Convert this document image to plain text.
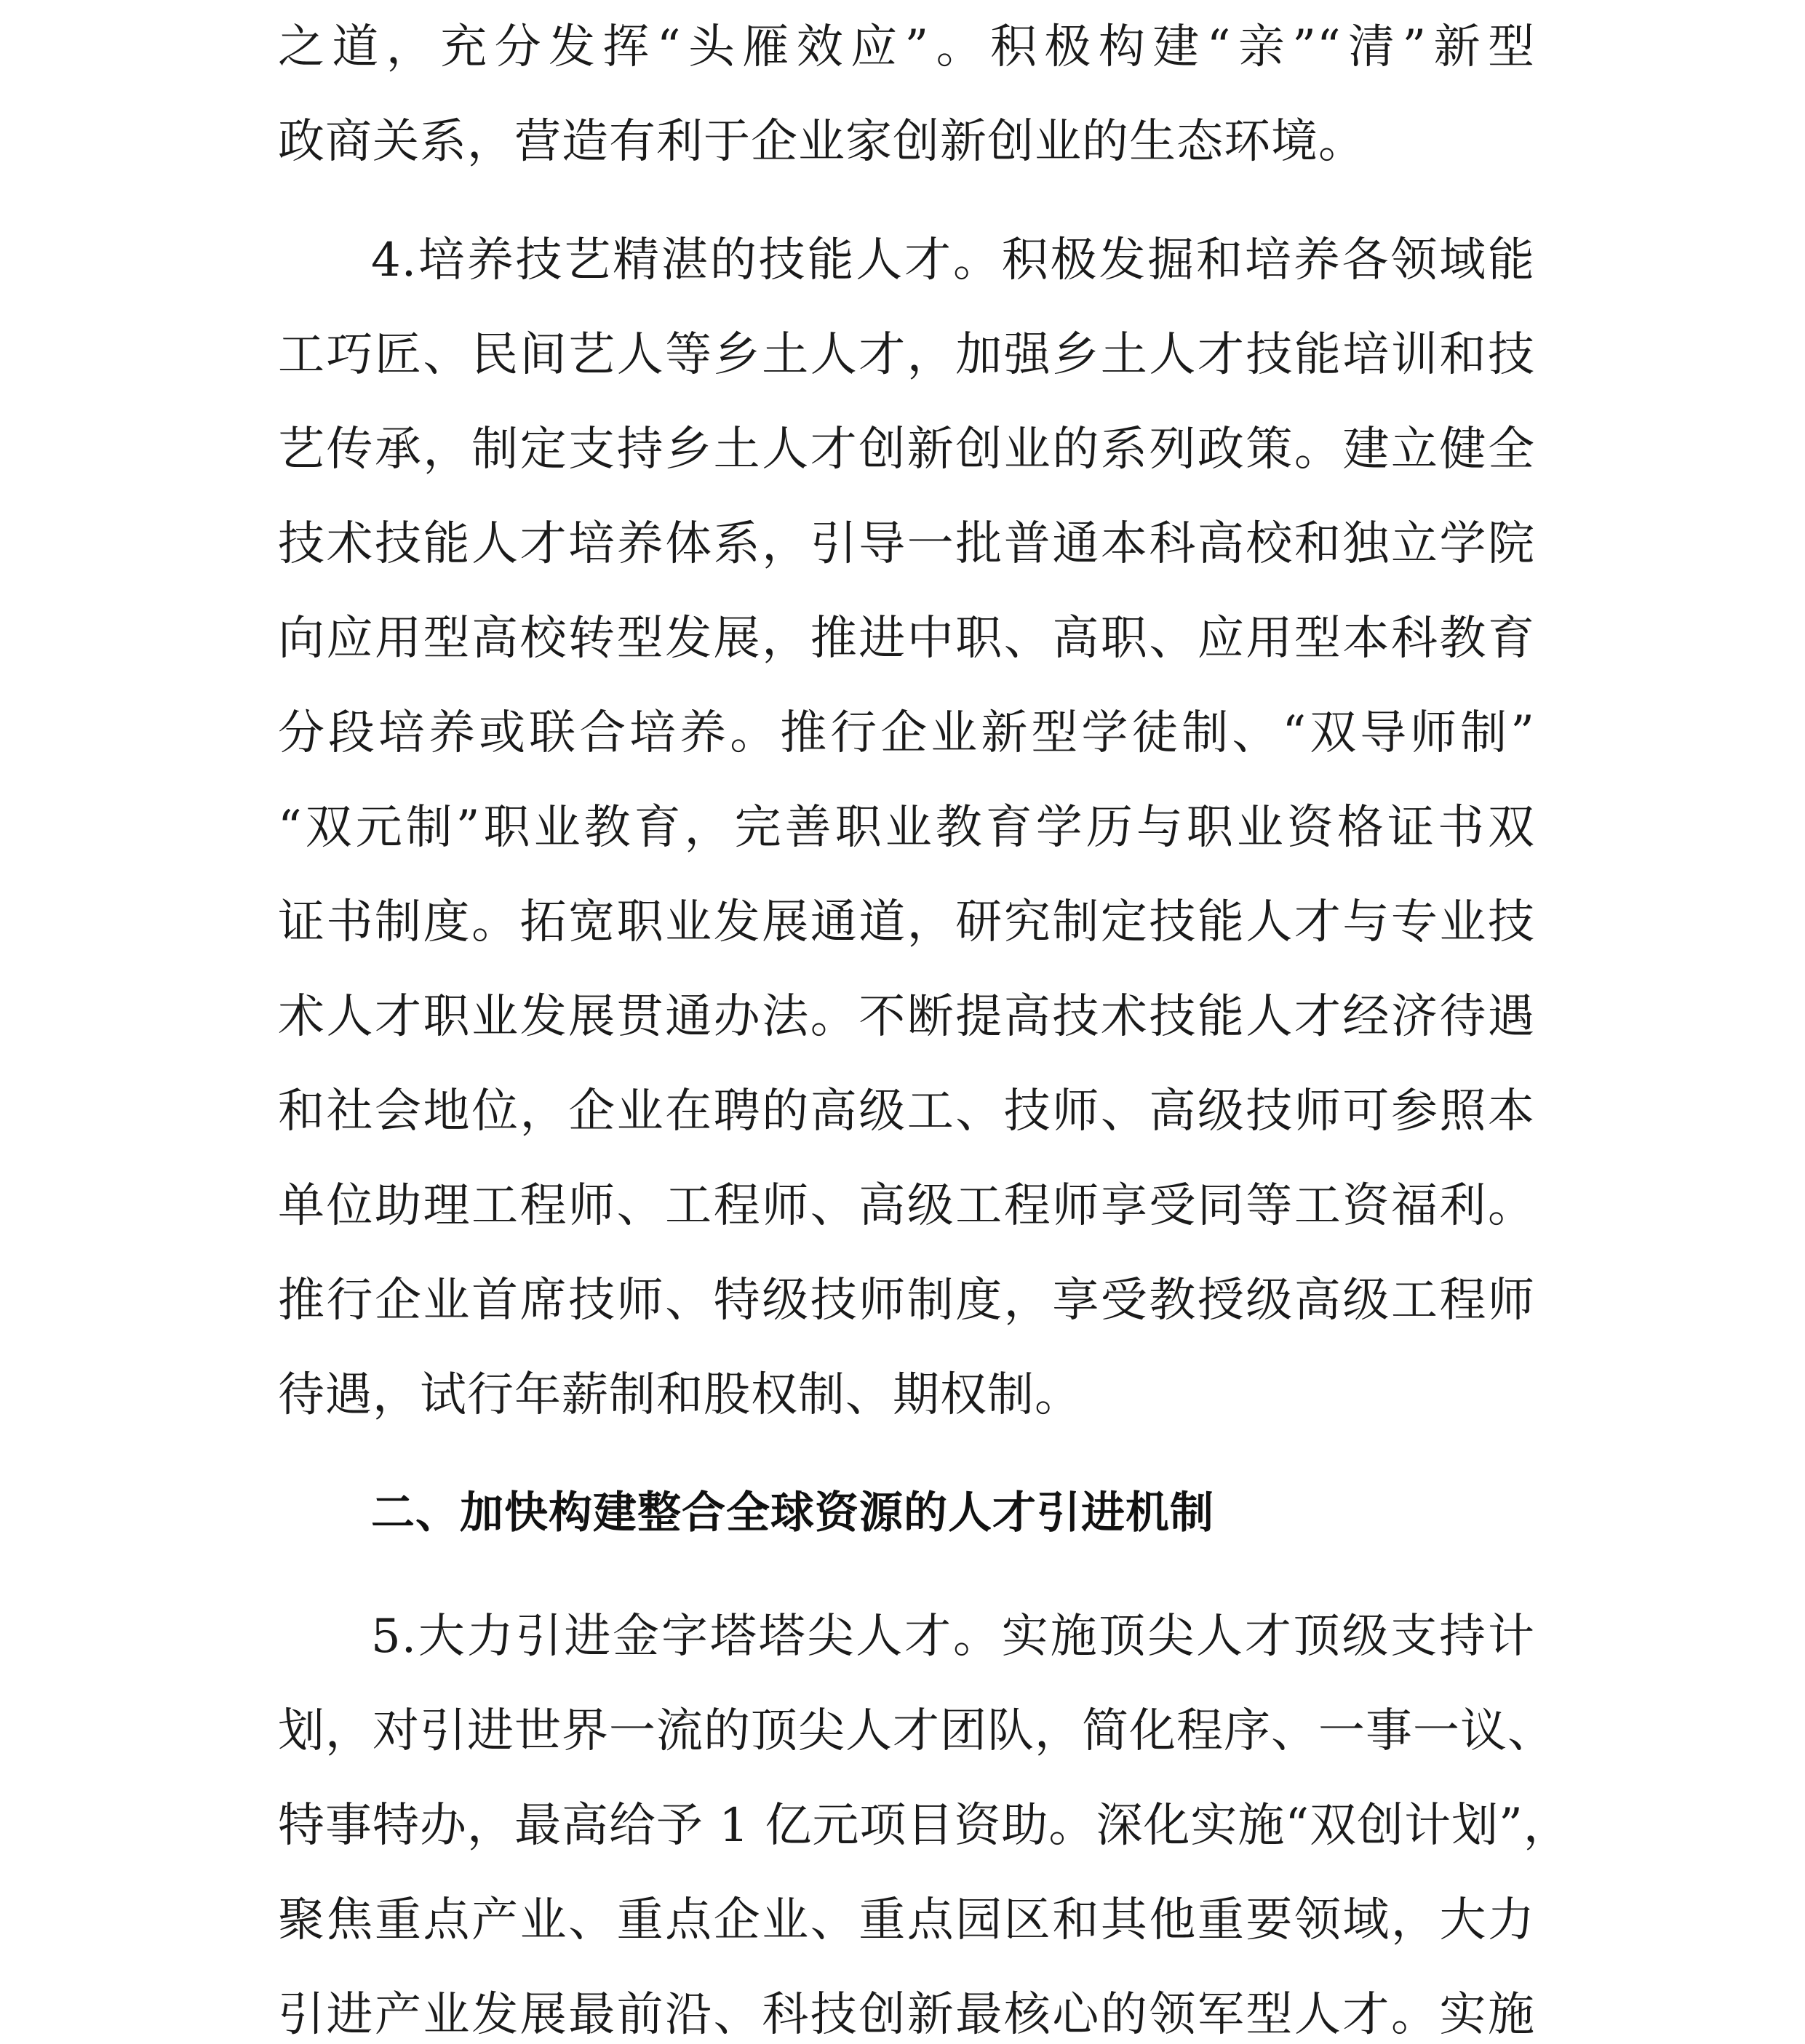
之道，充分发挥“头雁效应”。积极构建“亲”“清”新型
政商关系，营造有利于企业家创新创业的生态环境。
4.培养技艺精湛的技能人才。积极发掘和培养各领域能
工巧匠、民间艺人等乡土人才，加强乡土人才技能培训和技
艺传承，制定支持乡土人才创新创业的系列政策。建立健全
技术技能人才培养体系，引导一批普通本科高校和独立学院
向应用型高校转型发展，推进中职、高职、应用型本科教育
分段培养或联合培养。推行企业新型学徒制、“双导师制”
“双元制”职业教育，完善职业教育学历与职业资格证书双
证书制度。拓宽职业发展通道，研究制定技能人才与专业技
术人才职业发展贯通办法。不断提高技术技能人才经济待遇
和社会地位，企业在聘的高级工、技师、高级技师可参照本
单位助理工程师、工程师、高级工程师享受同等工资福利。
推行企业首席技师、特级技师制度，享受教授级高级工程师
待遇，试行年薪制和股权制、期权制。
二、加快构建整合全球资源的人才引进机制
5.大力引进金字塔塔尖人才。实施顶尖人才顶级支持计
划，对引进世界一流的顶尖人才团队，简化程序、一事一议、
特事特办，最高给予 1 亿元项目资助。深化实施“双创计划”，
聚焦重点产业、重点企业、重点园区和其他重要领域，大力
引进产业发展最前沿、科技创新最核心的领军型人才。实施
